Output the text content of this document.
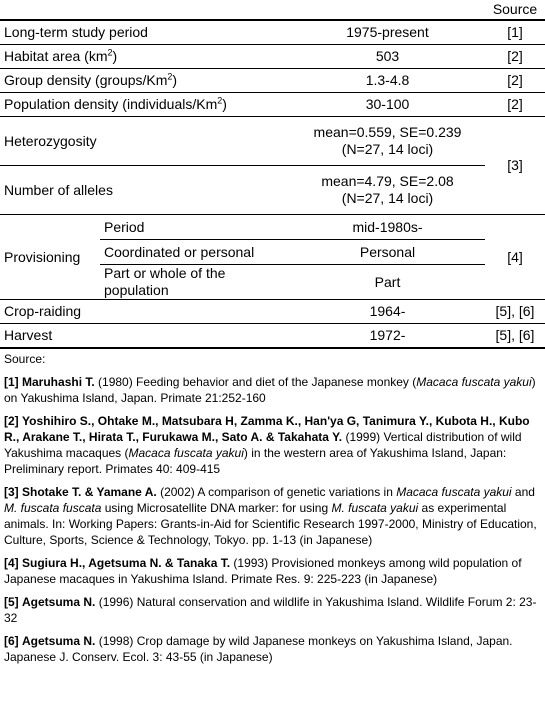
			Source
Long-term study period		1975-present	[1]
Habitat area $(km^2)$		503	[2]
Group density (groups/Km$^2$)		1.3-4.8	[2]
Population density (individuals/Km$^2$)		30-100	[2]
Heterozygosity		mean=0.559, SE=0.239
(N=27, 14 loci)	[3]
Number of alleles		mean=4.79, SE=2.08
(N=27, 14 loci)	

Provisioning	Period	mid-1980s-	[4]
	Coordinated or personal	Personal	
	Part or whole of the population	Part	
Crop-raiding		1964-	[5], [6]
Harvest		1972-	[5], [6]
Source:
[1] Maruhashi T. (1980) Feeding behavior and diet of the Japanese monkey (Macaca fuscata yakui) on Yakushima Island, Japan. Primate 21:252-160
[2] Yoshihiro S., Ohtake M., Matsubara H, Zamma K., Han'ya G, Tanimura Y., Kubota H., Kubo R., Arakane T., Hirata T., Furukawa M., Sato A. & Takahata Y. (1999) Vertical distribution of wild Yakushima macaques (Macaca fuscata yakui) in the western area of Yakushima Island, Japan: Preliminary report. Primates 40: 409-415
[3] Shotake T. & Yamane A. (2002) A comparison of genetic variations in Macaca fuscata yakui and M. fuscata fuscata using Microsatellite DNA marker: for using M. fuscata yakui as experimental animals. In: Working Papers: Grants-in-Aid for Scientific Research 1997-2000, Ministry of Education, Culture, Sports, Science & Technology, Tokyo. pp. 1-13 (in Japanese)
[4] Sugiura H., Agetsuma N. & Tanaka T. (1993) Provisioned monkeys among wild population of Japanese macaques in Yakushima Island. Primate Res. 9: 225-223 (in Japanese)
[5] Agetsuma N. (1996) Natural conservation and wildlife in Yakushima Island. Wildlife Forum 2: 23-32
[6] Agetsuma N. (1998) Crop damage by wild Japanese monkeys on Yakushima Island, Japan. Japanese J. Conserv. Ecol. 3: 43-55 (in Japanese)
